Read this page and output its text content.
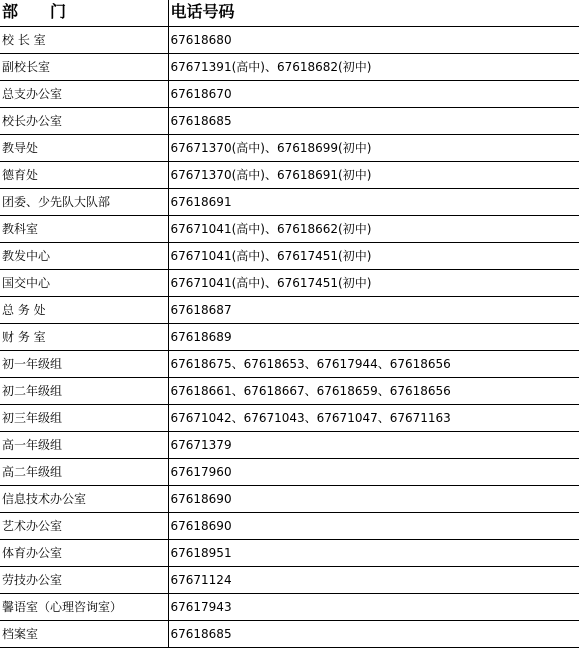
部　　门	电话号码
校 长 室	67618680
副校长室	67671391(高中)、67618682(初中)
总支办公室	67618670
校长办公室	67618685
教导处	67671370(高中)、67618699(初中)
德育处	67671370(高中)、67618691(初中)
团委、少先队大队部	67618691
教科室	67671041(高中)、67618662(初中)
教发中心	67671041(高中)、67617451(初中)
国交中心	67671041(高中)、67617451(初中)
总 务 处	67618687
财 务 室	67618689
初一年级组	67618675、67618653、67617944、67618656
初二年级组	67618661、67618667、67618659、67618656
初三年级组	67671042、67671043、67671047、67671163
高一年级组	67671379
高二年级组	67617960
信息技术办公室	67618690
艺术办公室	67618690
体育办公室	67618951
劳技办公室	67671124
馨语室（心理咨询室）	67617943
档案室	67618685
